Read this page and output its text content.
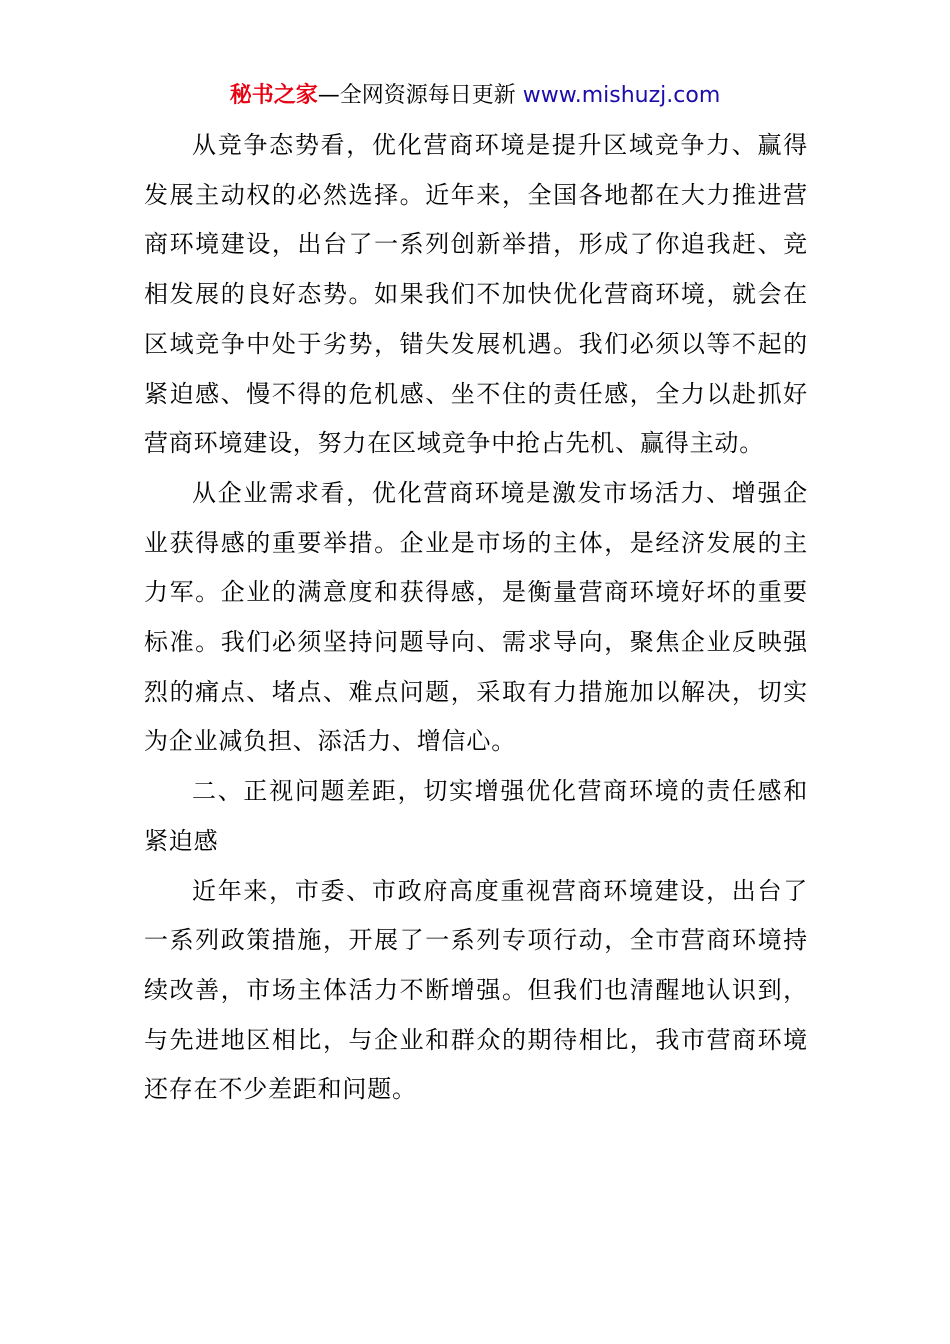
秘书之家—全网资源每日更新 www.mishuzj.com

从竞争态势看，优化营商环境是提升区域竞争力、赢得发展主动权的必然选择。近年来，全国各地都在大力推进营商环境建设，出台了一系列创新举措，形成了你追我赶、竞相发展的良好态势。如果我们不加快优化营商环境，就会在区域竞争中处于劣势，错失发展机遇。我们必须以等不起的紧迫感、慢不得的危机感、坐不住的责任感，全力以赴抓好营商环境建设，努力在区域竞争中抢占先机、赢得主动。

从企业需求看，优化营商环境是激发市场活力、增强企业获得感的重要举措。企业是市场的主体，是经济发展的主力军。企业的满意度和获得感，是衡量营商环境好坏的重要标准。我们必须坚持问题导向、需求导向，聚焦企业反映强烈的痛点、堵点、难点问题，采取有力措施加以解决，切实为企业减负担、添活力、增信心。

二、正视问题差距，切实增强优化营商环境的责任感和紧迫感

近年来，市委、市政府高度重视营商环境建设，出台了一系列政策措施，开展了一系列专项行动，全市营商环境持续改善，市场主体活力不断增强。但我们也清醒地认识到，与先进地区相比，与企业和群众的期待相比，我市营商环境还存在不少差距和问题。
